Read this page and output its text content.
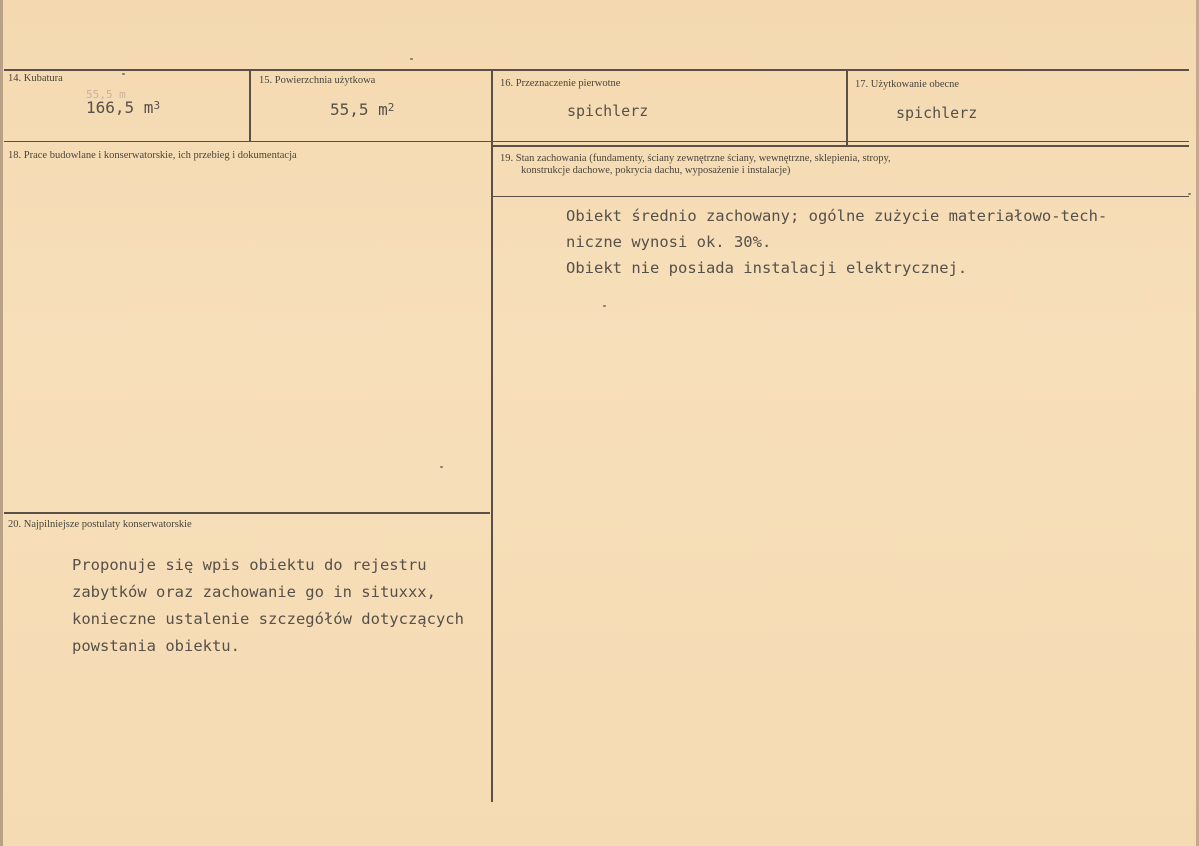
14. Kubatura
55,5 m
166,5 $m^3$
15. Powierzchnia użytkowa
55,5 $m^2$
16. Przeznaczenie pierwotne
spichlerz
17. Użytkowanie obecne
spichlerz
18. Prace budowlane i konserwatorskie, ich przebieg i dokumentacja	19. Stan zachowania (fundamenty, ściany zewnętrzne ściany, wewnętrzne, sklepienia, stropy,
konstrukcje dachowe, pokrycia dachu, wyposażenie i instalacje)
Obiekt średnio zachowany; ogólne zużycie materiałowo-tech-
niczne wynosi ok. 30%.
Obiekt nie posiada instalacji elektrycznej.
20. Najpilniejsze postulaty konserwatorskie
Proponuje się wpis obiektu do rejestru
zabytków oraz zachowanie go in situxxx,
konieczne ustalenie szczegółów dotyczących
powstania obiektu.
